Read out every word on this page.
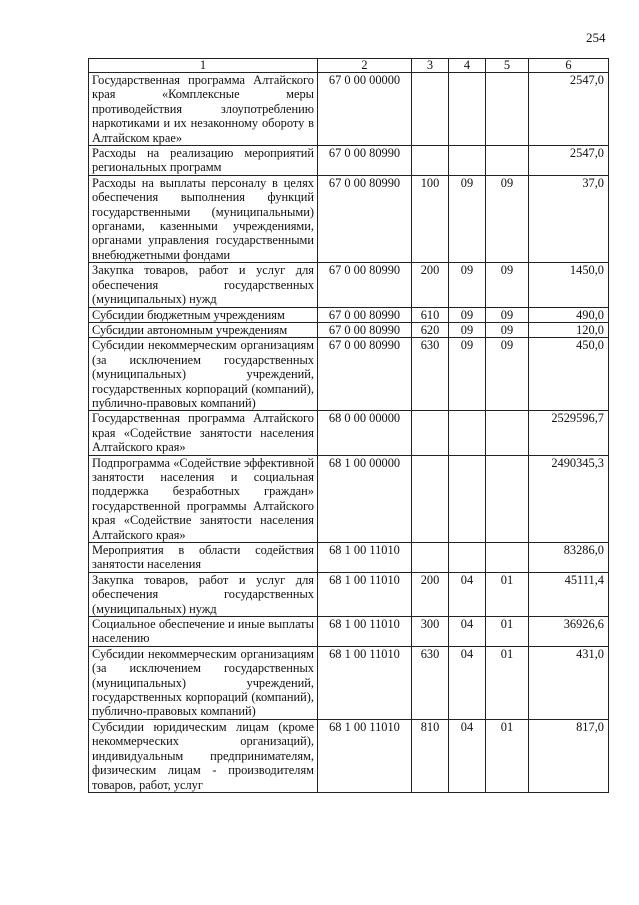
254
1	2	3	4	5	6
Государственная программа Алтайского края «Комплексные меры противодействия злоупотреблению наркотиками и их незаконному обороту в Алтайском крае»	67 0 00 00000				2547,0
Расходы на реализацию мероприятий региональных программ	67 0 00 80990				2547,0
Расходы на выплаты персоналу в целях обеспечения выполнения функций государственными (муниципальными) органами, казенными учреждениями, органами управления государственными внебюджетными фондами	67 0 00 80990	100	09	09	37,0
Закупка товаров, работ и услуг для обеспечения государственных (муниципальных) нужд	67 0 00 80990	200	09	09	1450,0
Субсидии бюджетным учреждениям	67 0 00 80990	610	09	09	490,0
Субсидии автономным учреждениям	67 0 00 80990	620	09	09	120,0
Субсидии некоммерческим организациям (за исключением государственных (муниципальных) учреждений, государственных корпораций (компаний), публично-правовых компаний)	67 0 00 80990	630	09	09	450,0
Государственная программа Алтайского края «Содействие занятости населения Алтайского края»	68 0 00 00000				2529596,7
Подпрограмма «Содействие эффективной занятости населения и социальная поддержка безработных граждан» государственной программы Алтайского края «Содействие занятости населения Алтайского края»	68 1 00 00000				2490345,3
Мероприятия в области содействия занятости населения	68 1 00 11010				83286,0
Закупка товаров, работ и услуг для обеспечения государственных (муниципальных) нужд	68 1 00 11010	200	04	01	45111,4
Социальное обеспечение и иные выплаты населению	68 1 00 11010	300	04	01	36926,6
Субсидии некоммерческим организациям (за исключением государственных (муниципальных) учреждений, государственных корпораций (компаний), публично-правовых компаний)	68 1 00 11010	630	04	01	431,0
Субсидии юридическим лицам (кроме некоммерческих организаций), индивидуальным предпринимателям, физическим лицам - производителям товаров, работ, услуг	68 1 00 11010	810	04	01	817,0
